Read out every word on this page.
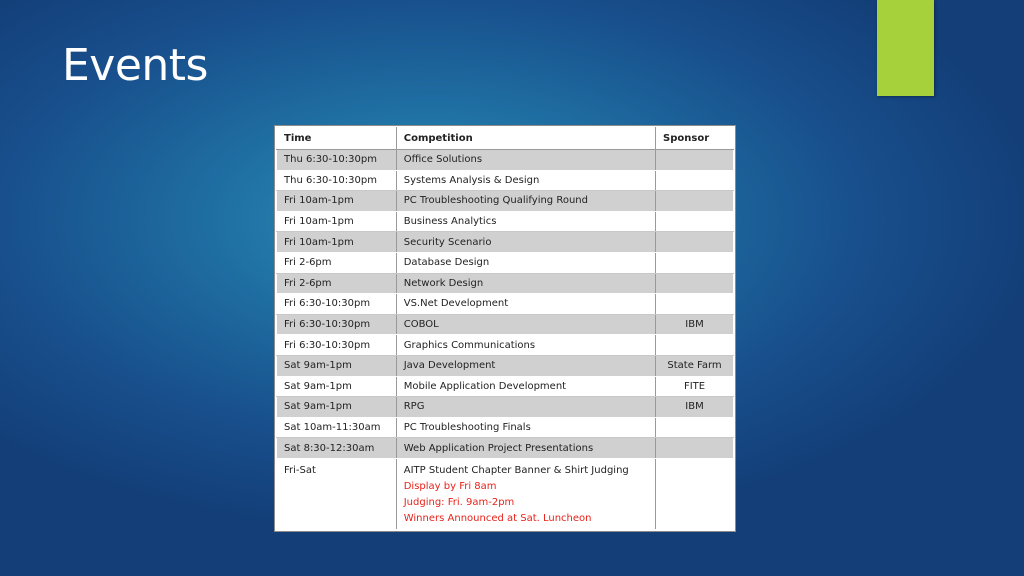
Events
Time	Competition	Sponsor
Thu 6:30-10:30pm	Office Solutions	
Thu 6:30-10:30pm	Systems Analysis & Design	
Fri 10am-1pm	PC Troubleshooting Qualifying Round	
Fri 10am-1pm	Business Analytics	
Fri 10am-1pm	Security Scenario	
Fri 2-6pm	Database Design	
Fri 2-6pm	Network Design	
Fri 6:30-10:30pm	VS.Net Development	
Fri 6:30-10:30pm	COBOL	IBM
Fri 6:30-10:30pm	Graphics Communications	
Sat 9am-1pm	Java Development	State Farm
Sat 9am-1pm	Mobile Application Development	FITE
Sat 9am-1pm	RPG	IBM
Sat 10am-11:30am	PC Troubleshooting Finals	
Sat 8:30-12:30am	Web Application Project Presentations	
Fri-Sat	AITP Student Chapter Banner & Shirt Judging
Display by Fri 8am
Judging: Fri. 9am-2pm
Winners Announced at Sat. Luncheon	
